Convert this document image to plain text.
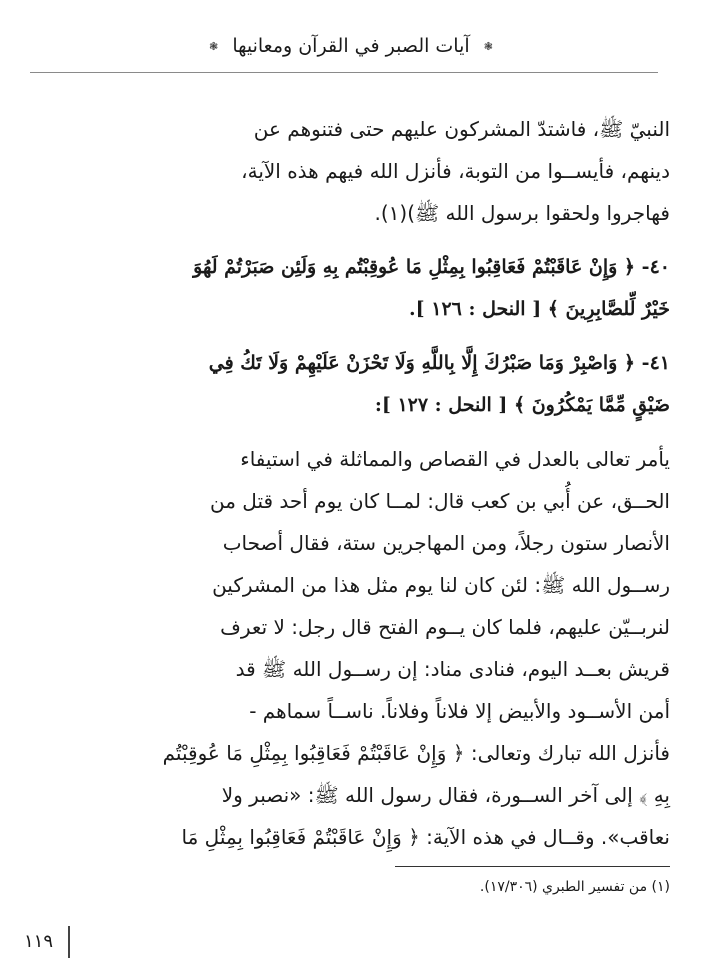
❃ آيات الصبر في القرآن ومعانيها ❃

النبيّ ﷺ، فاشتدّ المشركون عليهم حتى فتنوهم عن

دينهم، فأيســوا من التوبة، فأنزل الله فيهم هذه الآية،

فهاجروا ولحقوا برسول الله ﷺ)(١).

٤٠- ﴿ وَإِنْ عَاقَبْتُمْ فَعَاقِبُوا بِمِثْلِ مَا عُوقِبْتُم بِهِ وَلَئِن صَبَرْتُمْ لَهُوَ

خَيْرٌ لِّلصَّابِرِينَ ﴾ [ النحل : ١٢٦ ].

٤١- ﴿ وَاصْبِرْ وَمَا صَبْرُكَ إِلَّا بِاللَّهِ وَلَا تَحْزَنْ عَلَيْهِمْ وَلَا تَكُ فِي

ضَيْقٍ مِّمَّا يَمْكُرُونَ ﴾ [ النحل : ١٢٧ ]:

يأمر تعالى بالعدل في القصاص والمماثلة في استيفاء

الحــق، عن أُبي بن كعب قال: لمــا كان يوم أحد قتل من

الأنصار ستون رجلاً، ومن المهاجرين ستة، فقال أصحاب

رســول الله ﷺ: لئن كان لنا يوم مثل هذا من المشركين

لنربــيّن عليهم، فلما كان يــوم الفتح قال رجل: لا تعرف

قريش بعــد اليوم، فنادى مناد: إن رســول الله ﷺ قد

أمن الأســود والأبيض إلا فلاناً وفلاناً. ناســاً سماهم -

فأنزل الله تبارك وتعالى: ﴿ وَإِنْ عَاقَبْتُمْ فَعَاقِبُوا بِمِثْلِ مَا عُوقِبْتُم

بِهِ ﴾ إلى آخر الســورة، فقال رسول الله ﷺ: «نصبر ولا

نعاقب». وقــال في هذه الآية: ﴿ وَإِنْ عَاقَبْتُمْ فَعَاقِبُوا بِمِثْلِ مَا

(١) من تفسير الطبري (١٧/٣٠٦).
١١٩
